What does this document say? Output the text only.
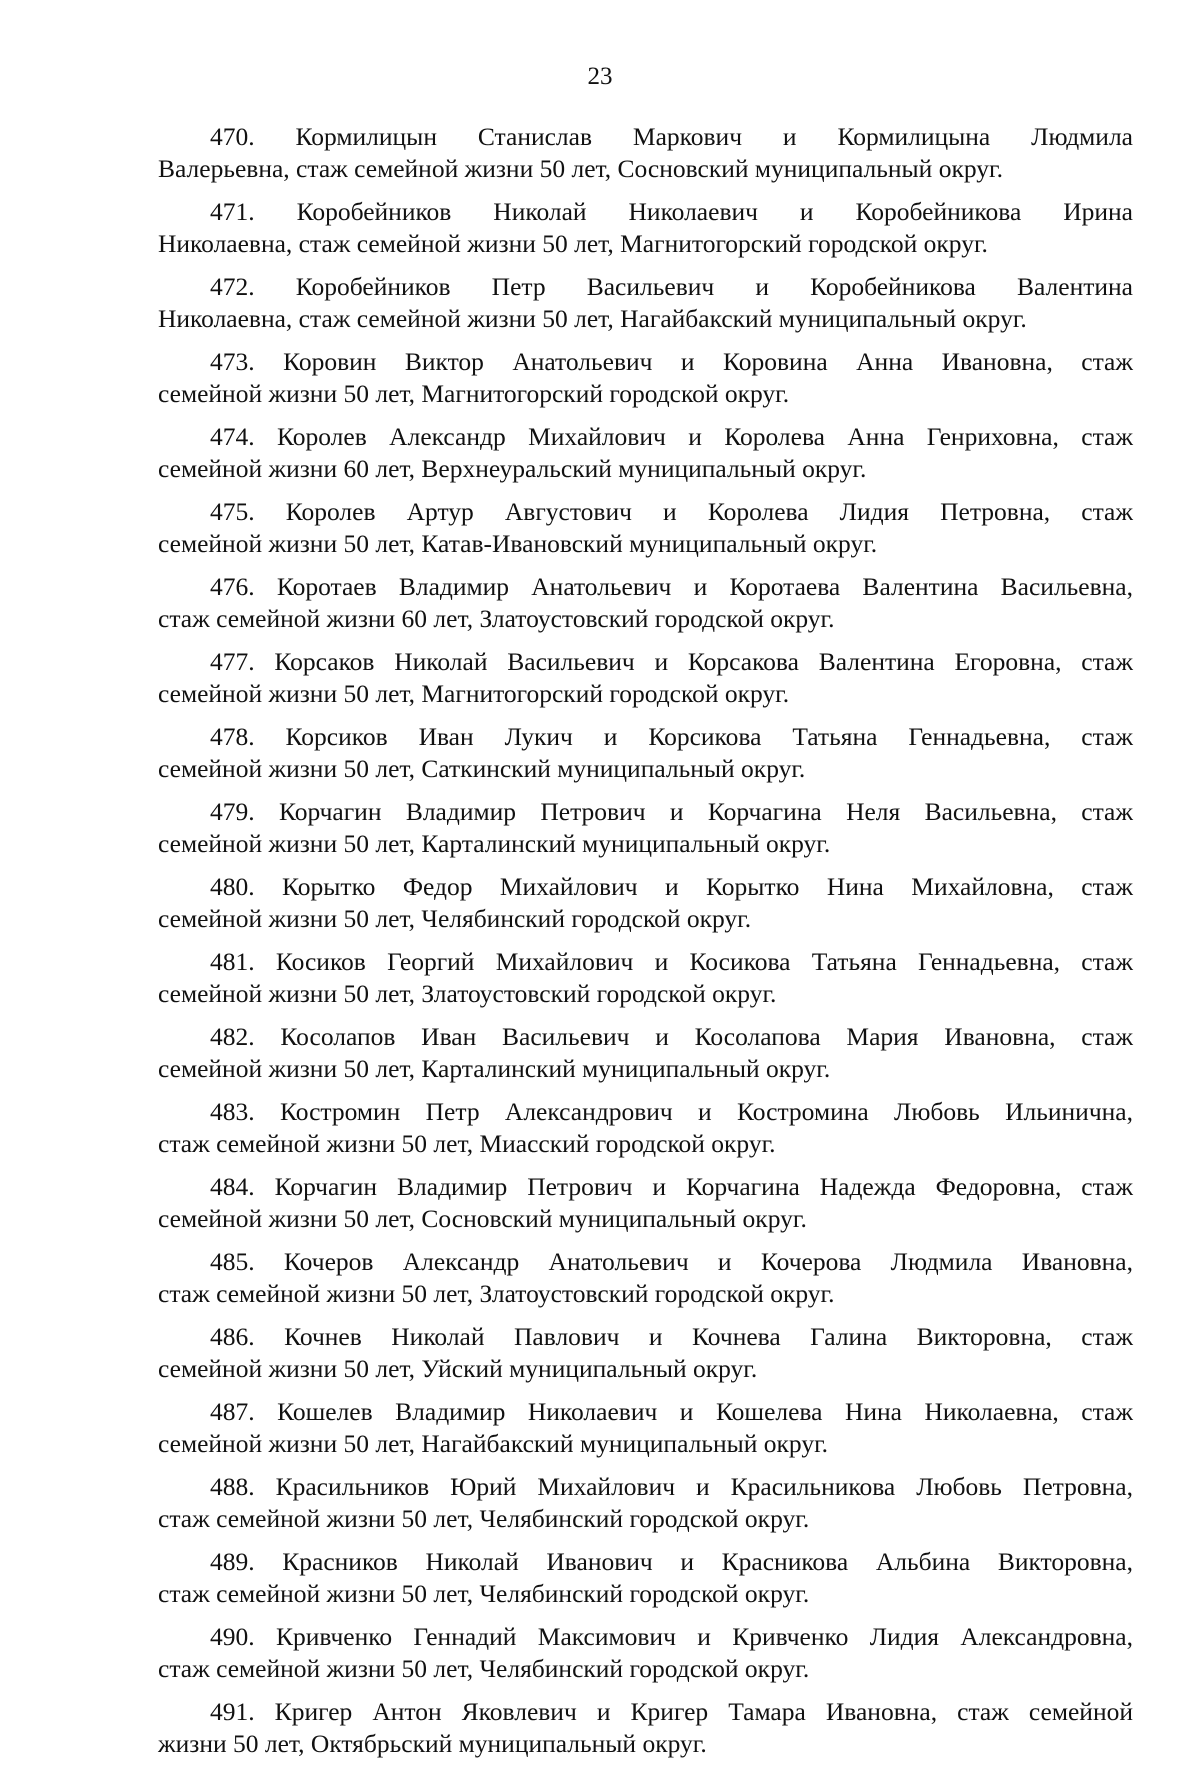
23
470. Кормилицын Станислав Маркович и Кормилицына Людмила
Валерьевна, стаж семейной жизни 50 лет, Сосновский муниципальный округ.
471. Коробейников Николай Николаевич и Коробейникова Ирина
Николаевна, стаж семейной жизни 50 лет, Магнитогорский городской округ.
472. Коробейников Петр Васильевич и Коробейникова Валентина
Николаевна, стаж семейной жизни 50 лет, Нагайбакский муниципальный округ.
473. Коровин Виктор Анатольевич и Коровина Анна Ивановна, стаж
семейной жизни 50 лет, Магнитогорский городской округ.
474. Королев Александр Михайлович и Королева Анна Генриховна, стаж
семейной жизни 60 лет, Верхнеуральский муниципальный округ.
475. Королев Артур Августович и Королева Лидия Петровна, стаж
семейной жизни 50 лет, Катав-Ивановский муниципальный округ.
476. Коротаев Владимир Анатольевич и Коротаева Валентина Васильевна,
стаж семейной жизни 60 лет, Златоустовский городской округ.
477. Корсаков Николай Васильевич и Корсакова Валентина Егоровна, стаж
семейной жизни 50 лет, Магнитогорский городской округ.
478. Корсиков Иван Лукич и Корсикова Татьяна Геннадьевна, стаж
семейной жизни 50 лет, Саткинский муниципальный округ.
479. Корчагин Владимир Петрович и Корчагина Неля Васильевна, стаж
семейной жизни 50 лет, Карталинский муниципальный округ.
480. Корытко Федор Михайлович и Корытко Нина Михайловна, стаж
семейной жизни 50 лет, Челябинский городской округ.
481. Косиков Георгий Михайлович и Косикова Татьяна Геннадьевна, стаж
семейной жизни 50 лет, Златоустовский городской округ.
482. Косолапов Иван Васильевич и Косолапова Мария Ивановна, стаж
семейной жизни 50 лет, Карталинский муниципальный округ.
483. Костромин Петр Александрович и Костромина Любовь Ильинична,
стаж семейной жизни 50 лет, Миасский городской округ.
484. Корчагин Владимир Петрович и Корчагина Надежда Федоровна, стаж
семейной жизни 50 лет, Сосновский муниципальный округ.
485. Кочеров Александр Анатольевич и Кочерова Людмила Ивановна,
стаж семейной жизни 50 лет, Златоустовский городской округ.
486. Кочнев Николай Павлович и Кочнева Галина Викторовна, стаж
семейной жизни 50 лет, Уйский муниципальный округ.
487. Кошелев Владимир Николаевич и Кошелева Нина Николаевна, стаж
семейной жизни 50 лет, Нагайбакский муниципальный округ.
488. Красильников Юрий Михайлович и Красильникова Любовь Петровна,
стаж семейной жизни 50 лет, Челябинский городской округ.
489. Красников Николай Иванович и Красникова Альбина Викторовна,
стаж семейной жизни 50 лет, Челябинский городской округ.
490. Кривченко Геннадий Максимович и Кривченко Лидия Александровна,
стаж семейной жизни 50 лет, Челябинский городской округ.
491. Кригер Антон Яковлевич и Кригер Тамара Ивановна, стаж семейной
жизни 50 лет, Октябрьский муниципальный округ.
